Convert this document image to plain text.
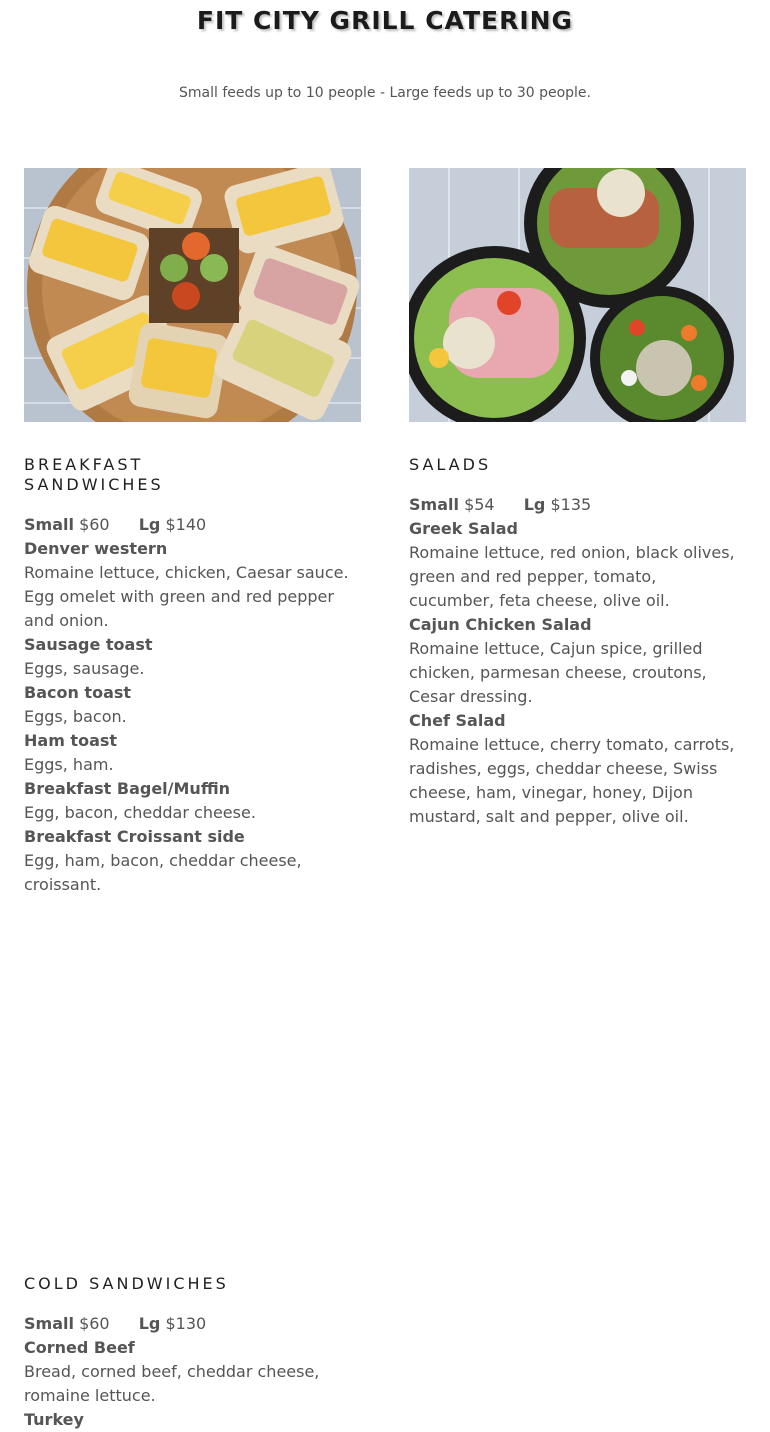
FIT CITY GRILL CATERING
Small feeds up to 10 people - Large feeds up to 30 people.
BREAKFAST SANDWICHES
Small $60 Lg $140
Denver western
Romaine lettuce, chicken, Caesar sauce. Egg omelet with green and red pepper and onion.
Sausage toast
Eggs, sausage.
Bacon toast
Eggs, bacon.
Ham toast
Eggs, ham.
Breakfast Bagel/Muffin
Egg, bacon, cheddar cheese.
Breakfast Croissant side
Egg, ham, bacon, cheddar cheese, croissant.
SALADS
Small $54 Lg $135
Greek Salad
Romaine lettuce, red onion, black olives, green and red pepper, tomato, cucumber, feta cheese, olive oil.
Cajun Chicken Salad
Romaine lettuce, Cajun spice, grilled chicken, parmesan cheese, croutons, Cesar dressing.
Chef Salad
Romaine lettuce, cherry tomato, carrots, radishes, eggs, cheddar cheese, Swiss cheese, ham, vinegar, honey, Dijon mustard, salt and pepper, olive oil.
COLD SANDWICHES
Small $60 Lg $130
Corned Beef
Bread, corned beef, cheddar cheese, romaine lettuce.
Turkey
